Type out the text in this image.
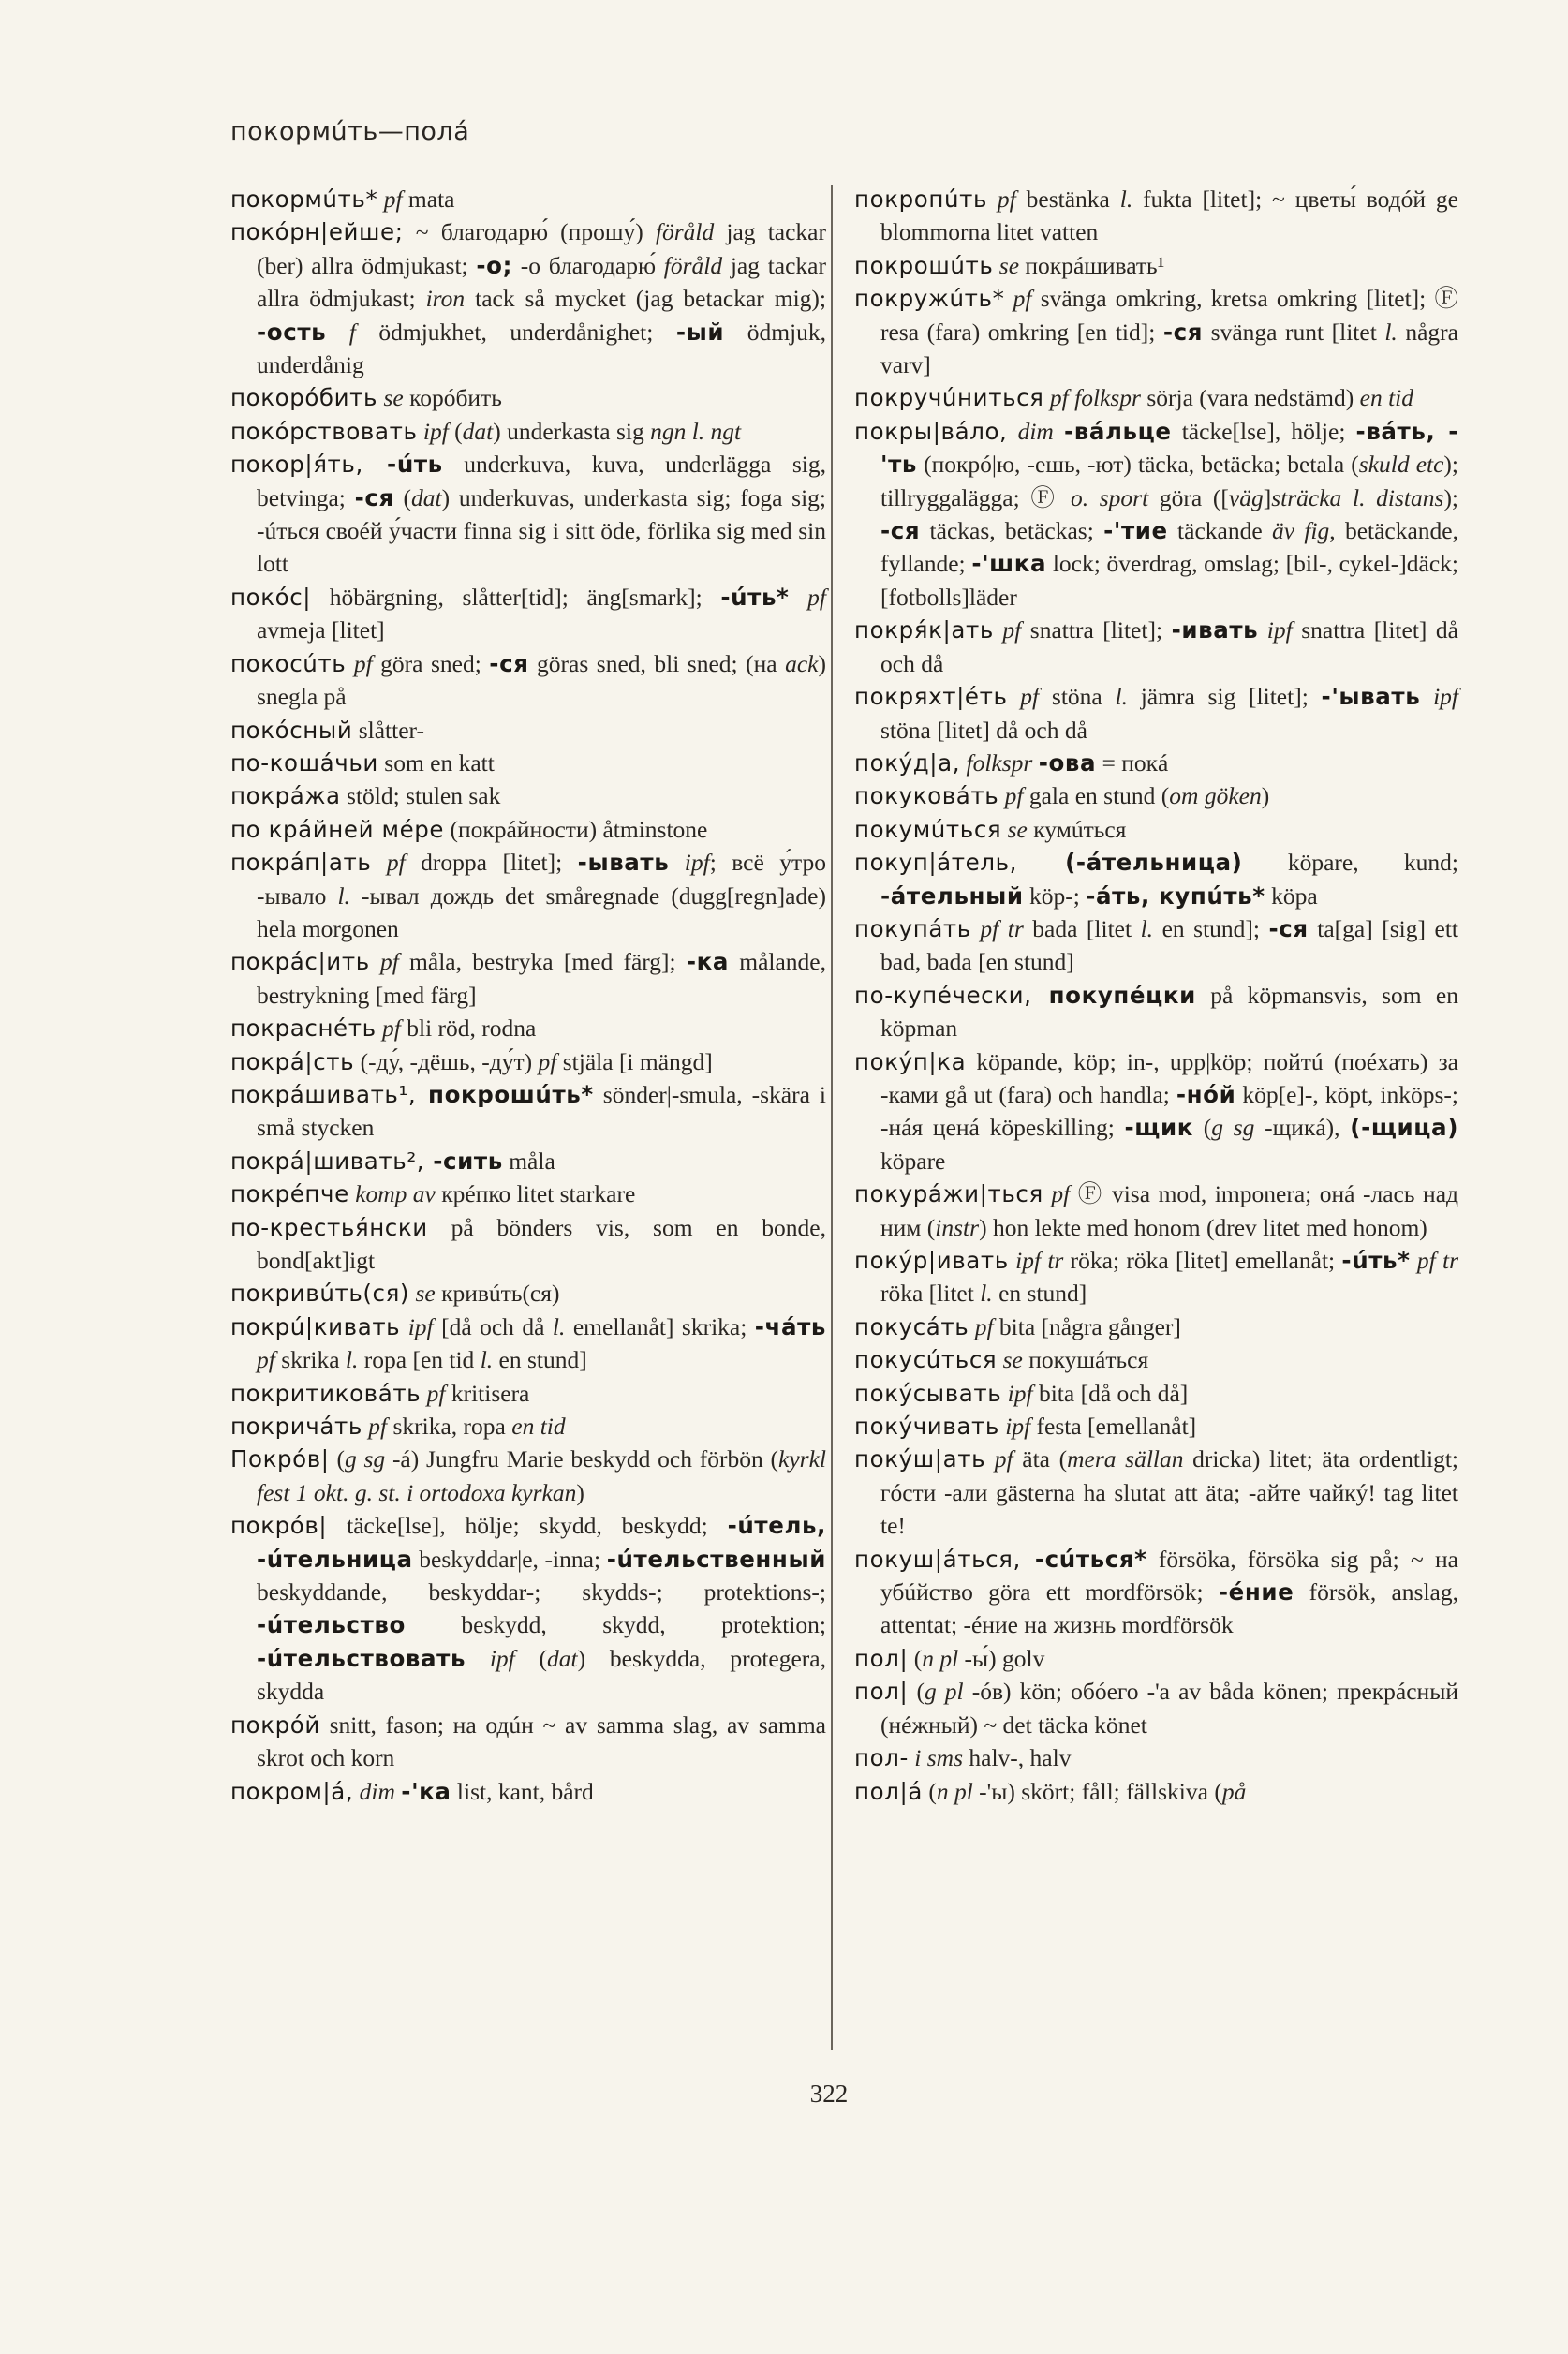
покормúть—полá
покормúть* pf mata
покóрн|ейше; ~ благодарю́ (прошу́) föråld jag tackar (ber) allra ödmjukast; -о; -о благодарю́ föråld jag tackar allra ödmjukast; iron tack så mycket (jag betackar mig); -ость f ödmjukhet, underdånighet; -ый ödmjuk, underdånig
покорóбить se корóбить
покóрствовать ipf (dat) underkasta sig ngn l. ngt
покор|я́ть, -úть underkuva, kuva, underlägga sig, betvinga; -ся (dat) underkuvas, underkasta sig; foga sig; -úться своéй у́части finna sig i sitt öde, förlika sig med sin lott
покóс| höbärgning, slåtter[tid]; äng[smark]; -úть* pf avmeja [litet]
покосúть pf göra sned; -ся göras sned, bli sned; (на ack) snegla på
покóсный slåtter-
по-кошáчьи som en katt
покрáжа stöld; stulen sak
по крáйней мéре (покрáйности) åtminstone
покрáп|ать pf droppa [litet]; -ывать ipf; всё у́тро -ывало l. -ывал дождь det småregnade (dugg[regn]ade) hela morgonen
покрáс|ить pf måla, bestryka [med färg]; -ка målande, bestrykning [med färg]
покраснéть pf bli röd, rodna
покрá|сть (-ду́, -дёшь, -ду́т) pf stjäla [i mängd]
покрáшивать¹, покрошúть* sönder|-smula, -skära i små stycken
покрá|шивать², -сить måla
покрéпче komp av крéпко litet starkare
по-крестья́нски på bönders vis, som en bonde, bond[akt]igt
покривúть(ся) se кривúть(ся)
покрú|кивать ipf [då och då l. emellanåt] skrika; -чáть pf skrika l. ropa [en tid l. en stund]
покритиковáть pf kritisera
покричáть pf skrika, ropa en tid
Покрóв| (g sg -á) Jungfru Marie beskydd och förbön (kyrkl fest 1 okt. g. st. i ortodoxa kyrkan)
покрóв| täcke[lse], hölje; skydd, beskydd; -úтель, -úтельница beskyddar|e, -inna; -úтельственный beskyddande, beskyddar-; skydds-; protektions-; -úтельство beskydd, skydd, protektion; -úтельствовать ipf (dat) beskydda, protegera, skydda
покрóй snitt, fason; на одúн ~ av samma slag, av samma skrot och korn
покром|á, dim -'ка list, kant, bård
покропúть pf bestänka l. fukta [litet]; ~ цветы́ водóй ge blommorna litet vatten
покрошúть se покрáшивать¹
покружúть* pf svänga omkring, kretsa omkring [litet]; Ⓕ resa (fara) omkring [en tid]; -ся svänga runt [litet l. några varv]
покручúниться pf folkspr sörja (vara nedstämd) en tid
покры|вáло, dim -вáльце täcke[lse], hölje; -вáть, -'ть (покрó|ю, -ешь, -ют) täcka, betäcka; betala (skuld etc); tillryggalägga; Ⓕ o. sport göra ([väg]sträcka l. distans); -ся täckas, betäckas; -'тие täckande äv fig, betäckande, fyllande; -'шка lock; överdrag, omslag; [bil-, cykel-]däck; [fotbolls]läder
покря́к|ать pf snattra [litet]; -ивать ipf snattra [litet] då och då
покряхт|éть pf stöna l. jämra sig [litet]; -'ывать ipf stöna [litet] då och då
покýд|а, folkspr -ова = покá
покуковáть pf gala en stund (om göken)
покумúться se кумúться
покуп|áтель, (-áтельница) köpare, kund; -áтельный köp-; -áть, купúть* köpa
покупáть pf tr bada [litet l. en stund]; -ся ta[ga] [sig] ett bad, bada [en stund]
по-купéчески, покупéцки på köpmansvis, som en köpman
покýп|ка köpande, köp; in-, upp|köp; пойтú (поéхать) за -ками gå ut (fara) och handla; -нóй köp[e]-, köpt, inköps-; -нáя ценá köpeskilling; -щик (g sg -щикá), (-щица) köpare
покурáжи|ться pf Ⓕ visa mod, imponera; онá -лась над ним (instr) hon lekte med honom (drev litet med honom)
покýр|ивать ipf tr röka; röka [litet] emellanåt; -úть* pf tr röka [litet l. en stund]
покусáть pf bita [några gånger]
покусúться se покушáться
покýсывать ipf bita [då och då]
покýчивать ipf festa [emellanåt]
покýш|ать pf äta (mera sällan dricka) litet; äta ordentligt; гóсти -али gästerna ha slutat att äta; -айте чайкý! tag litet te!
покуш|áться, -сúться* försöka, försöka sig på; ~ на убúйство göra ett mordförsök; -éние försök, anslag, attentat; -éние на жизнь mordförsök
пол| (n pl -ы́) golv
пол| (g pl -óв) kön; обóего -'а av båda könen; прекрáсный (нéжный) ~ det täcka könet
пол- i sms halv-, halv
пол|á (n pl -'ы) skört; fåll; fällskiva (på
322
